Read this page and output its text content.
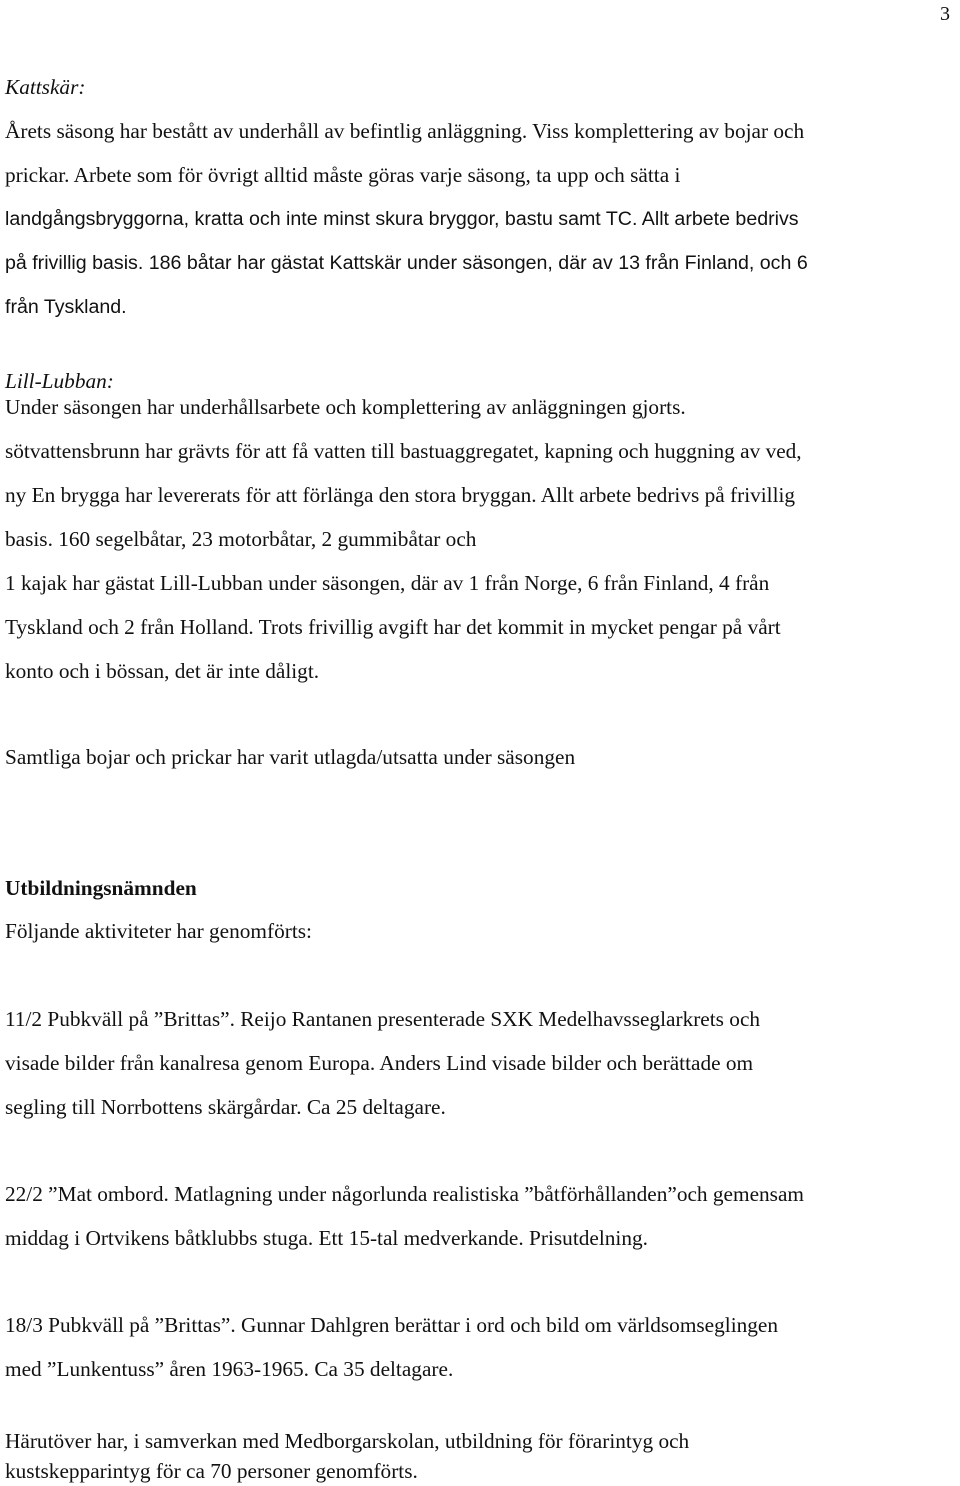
3
Kattskär:
Årets säsong har bestått av underhåll av befintlig anläggning. Viss komplettering av bojar och
prickar. Arbete som för övrigt alltid måste göras varje säsong, ta upp och sätta i
landgångsbryggorna, kratta och inte minst skura bryggor, bastu samt TC. Allt arbete bedrivs
på frivillig basis. 186 båtar har gästat Kattskär under säsongen, där av 13 från Finland, och 6
från Tyskland.
Lill-Lubban:
Under säsongen har underhållsarbete och komplettering av anläggningen gjorts.
sötvattensbrunn har grävts för att få vatten till bastuaggregatet, kapning och huggning av ved,
ny En brygga har levererats för att förlänga den stora bryggan. Allt arbete bedrivs på frivillig
basis. 160 segelbåtar, 23 motorbåtar, 2 gummibåtar och
1 kajak har gästat Lill-Lubban under säsongen, där av 1 från Norge, 6 från Finland, 4 från
Tyskland och 2 från Holland. Trots frivillig avgift har det kommit in mycket pengar på vårt
konto och i bössan, det är inte dåligt.
Samtliga bojar och prickar har varit utlagda/utsatta under säsongen
Utbildningsnämnden
Följande aktiviteter har genomförts:
11/2 Pubkväll på ”Brittas”. Reijo Rantanen presenterade SXK Medelhavsseglarkrets och
visade bilder från kanalresa genom Europa. Anders Lind visade bilder och berättade om
segling till Norrbottens skärgårdar. Ca 25 deltagare.
22/2 ”Mat ombord. Matlagning under någorlunda realistiska ”båtförhållanden”och gemensam
middag i Ortvikens båtklubbs stuga. Ett 15-tal medverkande. Prisutdelning.
18/3 Pubkväll på ”Brittas”. Gunnar Dahlgren berättar i ord och bild om världsomseglingen
med ”Lunkentuss” åren 1963-1965. Ca 35 deltagare.
Härutöver har, i samverkan med Medborgarskolan, utbildning för förarintyg och
kustskepparintyg för ca 70 personer genomförts.
